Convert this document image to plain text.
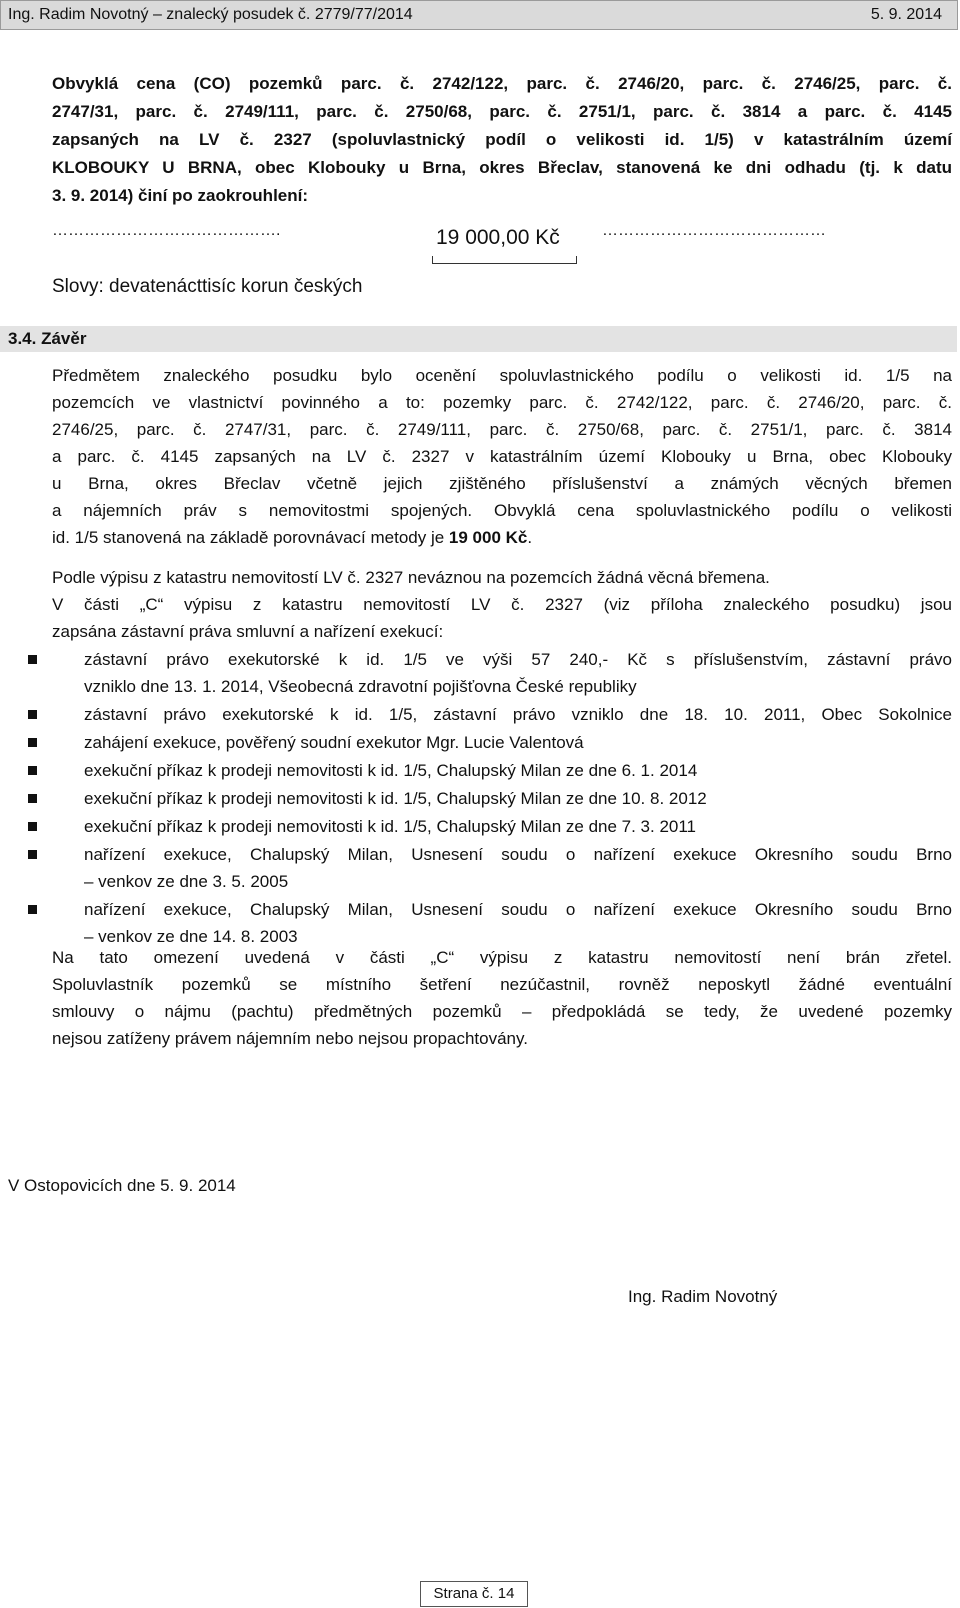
Ing. Radim Novotný – znalecký posudek č. 2779/77/2014	5. 9. 2014
Obvyklá cena (CO) pozemků parc. č. 2742/122, parc. č. 2746/20, parc. č. 2746/25, parc. č.
2747/31, parc. č. 2749/111, parc. č. 2750/68, parc. č. 2751/1, parc. č. 3814 a parc. č. 4145
zapsaných na LV č. 2327 (spoluvlastnický podíl o velikosti id. 1/5) v katastrálním území
KLOBOUKY U BRNA, obec Klobouky u Brna, okres Břeclav, stanovená ke dni odhadu (tj. k datu
3. 9. 2014) činí po zaokrouhlení:
…………………………………….	19 000,00 Kč	……………………………………
Slovy: devatenácttisíc korun českých
3.4. Závěr
Předmětem znaleckého posudku bylo ocenění spoluvlastnického podílu o velikosti id. 1/5 na
pozemcích ve vlastnictví povinného a to: pozemky parc. č. 2742/122, parc. č. 2746/20, parc. č.
2746/25, parc. č. 2747/31, parc. č. 2749/111, parc. č. 2750/68, parc. č. 2751/1, parc. č. 3814
a parc. č. 4145 zapsaných na LV č. 2327 v katastrálním území Klobouky u Brna, obec Klobouky
u Brna, okres Břeclav včetně jejich zjištěného příslušenství a známých věcných břemen
a nájemních práv s nemovitostmi spojených. Obvyklá cena spoluvlastnického podílu o velikosti
id. 1/5 stanovená na základě porovnávací metody je 19 000 Kč.
Podle výpisu z katastru nemovitostí LV č. 2327 neváznou na pozemcích žádná věcná břemena.
V části „C“ výpisu z katastru nemovitostí LV č. 2327 (viz příloha znaleckého posudku) jsou
zapsána zástavní práva smluvní a nařízení exekucí:
zástavní právo exekutorské k id. 1/5 ve výši 57 240,- Kč s příslušenstvím, zástavní právo
vzniklo dne 13. 1. 2014, Všeobecná zdravotní pojišťovna České republiky
zástavní právo exekutorské k id. 1/5, zástavní právo vzniklo dne 18. 10. 2011, Obec Sokolnice
zahájení exekuce, pověřený soudní exekutor Mgr. Lucie Valentová
exekuční příkaz k prodeji nemovitosti k id. 1/5, Chalupský Milan ze dne 6. 1. 2014
exekuční příkaz k prodeji nemovitosti k id. 1/5, Chalupský Milan ze dne 10. 8. 2012
exekuční příkaz k prodeji nemovitosti k id. 1/5, Chalupský Milan ze dne 7. 3. 2011
nařízení exekuce, Chalupský Milan, Usnesení soudu o nařízení exekuce Okresního soudu Brno
– venkov ze dne 3. 5. 2005
nařízení exekuce, Chalupský Milan, Usnesení soudu o nařízení exekuce Okresního soudu Brno
– venkov ze dne 14. 8. 2003
Na tato omezení uvedená v části „C“ výpisu z katastru nemovitostí není brán zřetel.
Spoluvlastník pozemků se místního šetření nezúčastnil, rovněž neposkytl žádné eventuální
smlouvy o nájmu (pachtu) předmětných pozemků – předpokládá se tedy, že uvedené pozemky
nejsou zatíženy právem nájemním nebo nejsou propachtovány.
V Ostopovicích dne 5. 9. 2014
Ing. Radim Novotný
Strana č. 14
